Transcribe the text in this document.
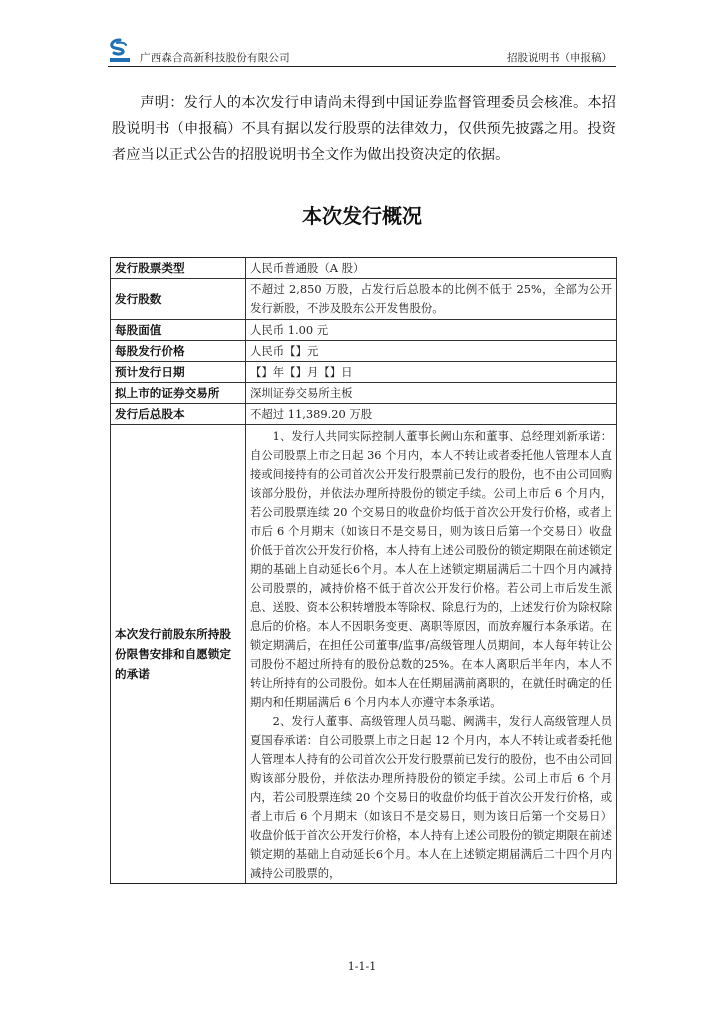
广西森合高新科技股份有限公司	招股说明书（申报稿）

声明：发行人的本次发行申请尚未得到中国证券监督管理委员会核准。本招股说明书（申报稿）不具有据以发行股票的法律效力，仅供预先披露之用。投资者应当以正式公告的招股说明书全文作为做出投资决定的依据。

本次发行概况
发行股票类型	人民币普通股（A 股）
发行股数	不超过 2,850 万股，占发行后总股本的比例不低于 25%，全部为公开发行新股，不涉及股东公开发售股份。
每股面值	人民币 1.00 元
每股发行价格	人民币【】元
预计发行日期	【】年【】月【】日
拟上市的证券交易所	深圳证券交易所主板
发行后总股本	不超过 11,389.20 万股
本次发行前股东所持股份限售安排和自愿锁定的承诺	1、发行人共同实际控制人董事长阙山东和董事、总经理刘新承诺：自公司股票上市之日起 36 个月内，本人不转让或者委托他人管理本人直接或间接持有的公司首次公开发行股票前已发行的股份，也不由公司回购该部分股份，并依法办理所持股份的锁定手续。公司上市后 6 个月内，若公司股票连续 20 个交易日的收盘价均低于首次公开发行价格，或者上市后 6 个月期末（如该日不是交易日，则为该日后第一个交易日）收盘价低于首次公开发行价格，本人持有上述公司股份的锁定期限在前述锁定期的基础上自动延长6个月。本人在上述锁定期届满后二十四个月内减持公司股票的，减持价格不低于首次公开发行价格。若公司上市后发生派息、送股、资本公积转增股本等除权、除息行为的，上述发行价为除权除息后的价格。本人不因职务变更、离职等原因，而放弃履行本条承诺。在锁定期满后，在担任公司董事/监事/高级管理人员期间，本人每年转让公司股份不超过所持有的股份总数的25%。在本人离职后半年内，本人不转让所持有的公司股份。如本人在任期届满前离职的，在就任时确定的任期内和任期届满后 6 个月内本人亦遵守本条承诺。

2、发行人董事、高级管理人员马聪、阙满丰，发行人高级管理人员夏国春承诺：自公司股票上市之日起 12 个月内，本人不转让或者委托他人管理本人持有的公司首次公开发行股票前已发行的股份，也不由公司回购该部分股份，并依法办理所持股份的锁定手续。公司上市后 6 个月内，若公司股票连续 20 个交易日的收盘价均低于首次公开发行价格，或者上市后 6 个月期末（如该日不是交易日，则为该日后第一个交易日）收盘价低于首次公开发行价格，本人持有上述公司股份的锁定期限在前述锁定期的基础上自动延长6个月。本人在上述锁定期届满后二十四个月内减持公司股票的，

1-1-1
